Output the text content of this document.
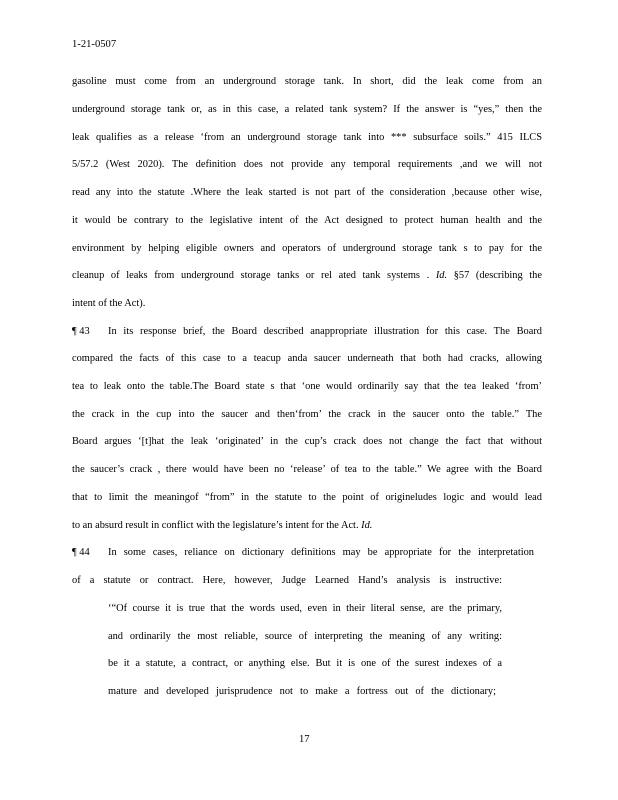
1-21-0507

gasoline must come from an underground storage tank. In short, did the leak come from an

underground storage tank or, as in this case, a related tank system? If the answer is “yes,” then the

leak qualifies as a release ‘from an underground storage tank into *** subsurface soils.” 415 ILCS

5/57.2 (West 2020). The definition does not provide any temporal requirements ,and we will not

read any into the statute .Where the leak started is not part of the consideration ,because other wise,

it would be contrary to the legislative intent of the Act designed to protect human health and the

environment by helping eligible owners and operators of underground storage tank s to pay for the

cleanup of leaks from underground storage tanks or rel ated tank systems . Id. §57 (describing the

intent of the Act).

¶ 43 In its response brief, the Board described anappropriate illustration for this case. The Board

compared the facts of this case to a teacup anda saucer underneath that both had cracks, allowing

tea to leak onto the table.The Board state s that ‘one would ordinarily say that the tea leaked ‘from’

the crack in the cup into the saucer and then‘from’ the crack in the saucer onto the table.” The

Board argues ‘[t]hat the leak ‘originated’ in the cup’s crack does not change the fact that without

the saucer’s crack , there would have been no ‘release’ of tea to the table.” We agree with the Board

that to limit the meaningof “from” in the statute to the point of origineludes logic and would lead

to an absurd result in conflict with the legislature’s intent for the Act. Id.

¶ 44 In some cases, reliance on dictionary definitions may be appropriate for the interpretation

of a statute or contract. Here, however, Judge Learned Hand’s analysis is instructive:

‘“Of course it is true that the words used, even in their literal sense, are the primary,

and ordinarily the most reliable, source of interpreting the meaning of any writing:

be it a statute, a contract, or anything else. But it is one of the surest indexes of a

mature and developed jurisprudence not to make a fortress out of the dictionary;

17
